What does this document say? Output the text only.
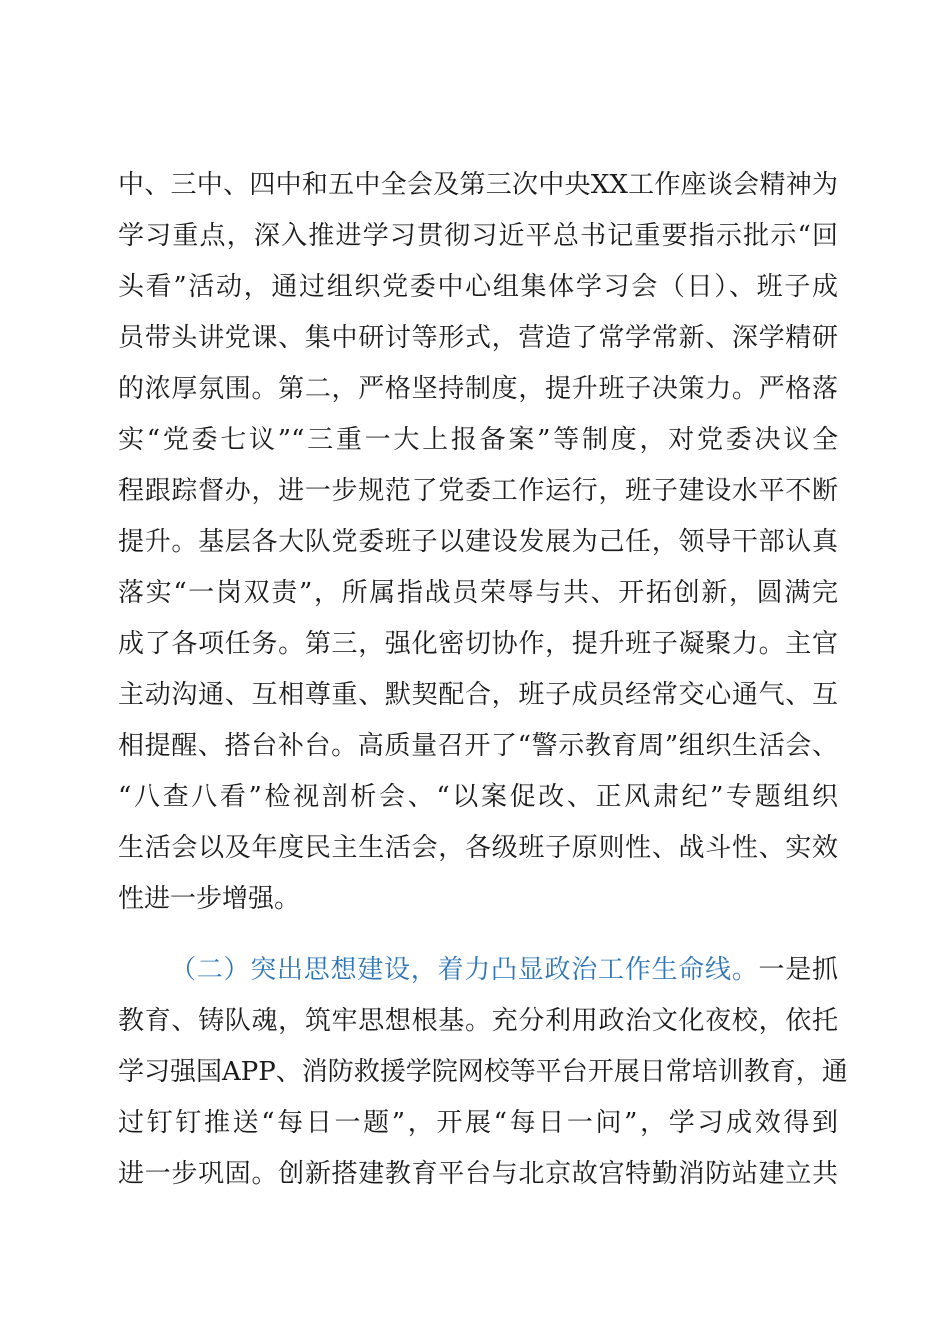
中、三中、四中和五中全会及第三次中央XX工作座谈会精神为
学习重点，深入推进学习贯彻习近平总书记重要指示批示“回
头看”活动，通过组织党委中心组集体学习会（日）、班子成
员带头讲党课、集中研讨等形式，营造了常学常新、深学精研
的浓厚氛围。第二，严格坚持制度，提升班子决策力。严格落
实“党委七议”“三重一大上报备案”等制度，对党委决议全
程跟踪督办，进一步规范了党委工作运行，班子建设水平不断
提升。基层各大队党委班子以建设发展为己任，领导干部认真
落实“一岗双责”，所属指战员荣辱与共、开拓创新，圆满完
成了各项任务。第三，强化密切协作，提升班子凝聚力。主官
主动沟通、互相尊重、默契配合，班子成员经常交心通气、互
相提醒、搭台补台。高质量召开了“警示教育周”组织生活会、
“八查八看”检视剖析会、“以案促改、正风肃纪”专题组织
生活会以及年度民主生活会，各级班子原则性、战斗性、实效
性进一步增强。
（二）突出思想建设，着力凸显政治工作生命线。一是抓
教育、铸队魂，筑牢思想根基。充分利用政治文化夜校，依托
学习强国APP、消防救援学院网校等平台开展日常培训教育，通
过钉钉推送“每日一题”，开展“每日一问”，学习成效得到
进一步巩固。创新搭建教育平台与北京故宫特勤消防站建立共
